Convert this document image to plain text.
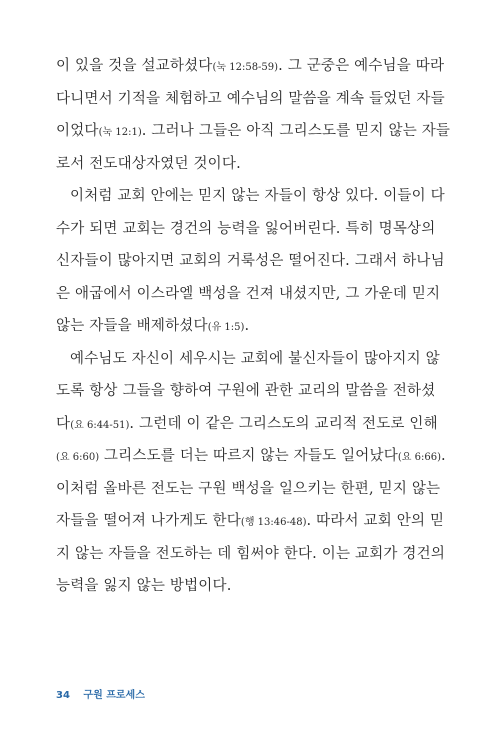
이 있을 것을 설교하셨다(눅 12:58-59). 그 군중은 예수님을 따라
다니면서 기적을 체험하고 예수님의 말씀을 계속 들었던 자들
이었다(눅 12:1). 그러나 그들은 아직 그리스도를 믿지 않는 자들
로서 전도대상자였던 것이다.
이처럼 교회 안에는 믿지 않는 자들이 항상 있다. 이들이 다
수가 되면 교회는 경건의 능력을 잃어버린다. 특히 명목상의
신자들이 많아지면 교회의 거룩성은 떨어진다. 그래서 하나님
은 애굽에서 이스라엘 백성을 건져 내셨지만, 그 가운데 믿지
않는 자들을 배제하셨다(유 1:5).
예수님도 자신이 세우시는 교회에 불신자들이 많아지지 않
도록 항상 그들을 향하여 구원에 관한 교리의 말씀을 전하셨
다(요 6:44-51). 그런데 이 같은 그리스도의 교리적 전도로 인해
(요 6:60) 그리스도를 더는 따르지 않는 자들도 일어났다(요 6:66).
이처럼 올바른 전도는 구원 백성을 일으키는 한편, 믿지 않는
자들을 떨어져 나가게도 한다(행 13:46-48). 따라서 교회 안의 믿
지 않는 자들을 전도하는 데 힘써야 한다. 이는 교회가 경건의
능력을 잃지 않는 방법이다.
34 구원 프로세스
